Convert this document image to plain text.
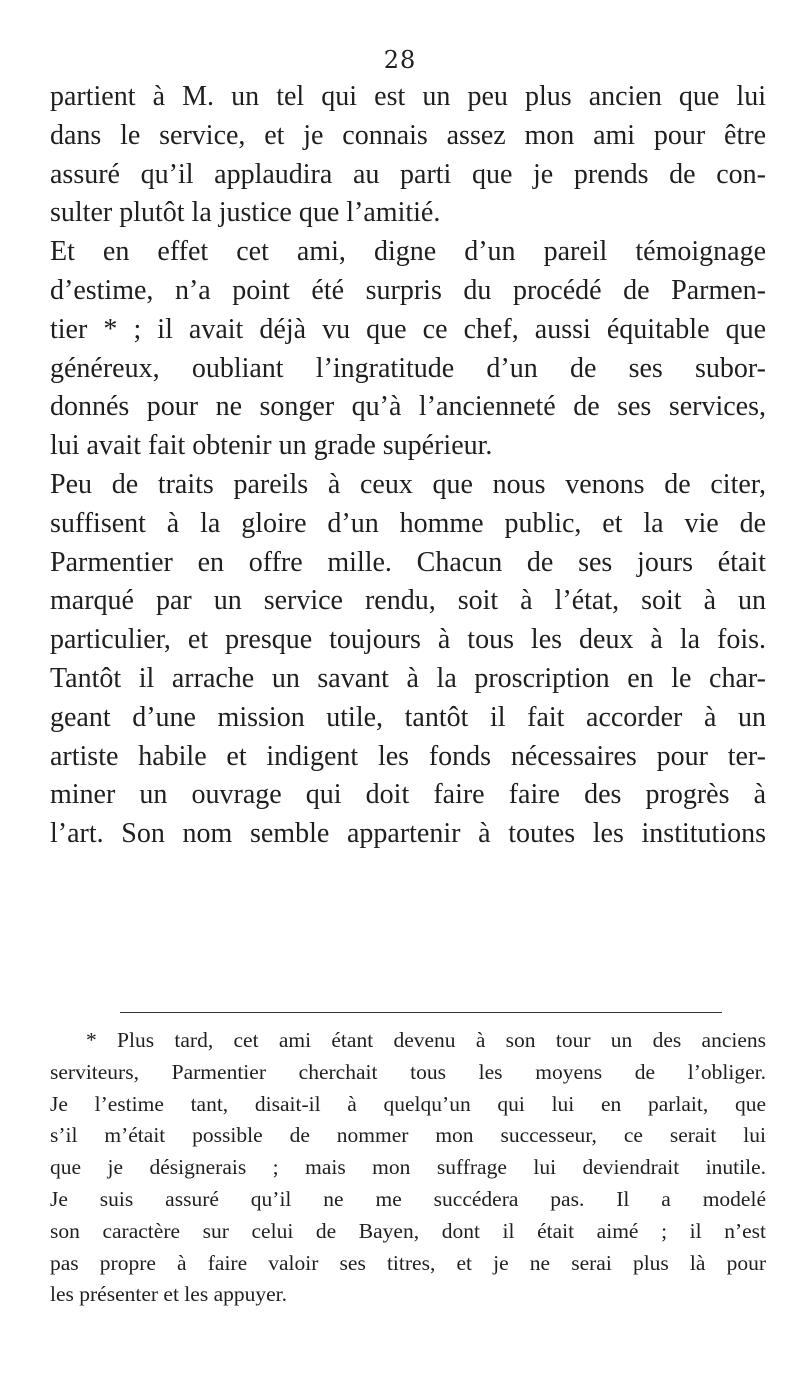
28
partient à M. un tel qui est un peu plus ancien que lui
dans le service, et je connais assez mon ami pour être
assuré qu’il applaudira au parti que je prends de con-
sulter plutôt la justice que l’amitié.
Et en effet cet ami, digne d’un pareil témoignage
d’estime, n’a point été surpris du procédé de Parmen-
tier * ; il avait déjà vu que ce chef, aussi équitable que
généreux, oubliant l’ingratitude d’un de ses subor-
donnés pour ne songer qu’à l’ancienneté de ses services,
lui avait fait obtenir un grade supérieur.
Peu de traits pareils à ceux que nous venons de citer,
suffisent à la gloire d’un homme public, et la vie de
Parmentier en offre mille. Chacun de ses jours était
marqué par un service rendu, soit à l’état, soit à un
particulier, et presque toujours à tous les deux à la fois.
Tantôt il arrache un savant à la proscription en le char-
geant d’une mission utile, tantôt il fait accorder à un
artiste habile et indigent les fonds nécessaires pour ter-
miner un ouvrage qui doit faire faire des progrès à
l’art. Son nom semble appartenir à toutes les institutions
* Plus tard, cet ami étant devenu à son tour un des anciens
serviteurs, Parmentier cherchait tous les moyens de l’obliger.
Je l’estime tant, disait-il à quelqu’un qui lui en parlait, que
s’il m’était possible de nommer mon successeur, ce serait lui
que je désignerais ; mais mon suffrage lui deviendrait inutile.
Je suis assuré qu’il ne me succédera pas. Il a modelé
son caractère sur celui de Bayen, dont il était aimé ; il n’est
pas propre à faire valoir ses titres, et je ne serai plus là pour
les présenter et les appuyer.
